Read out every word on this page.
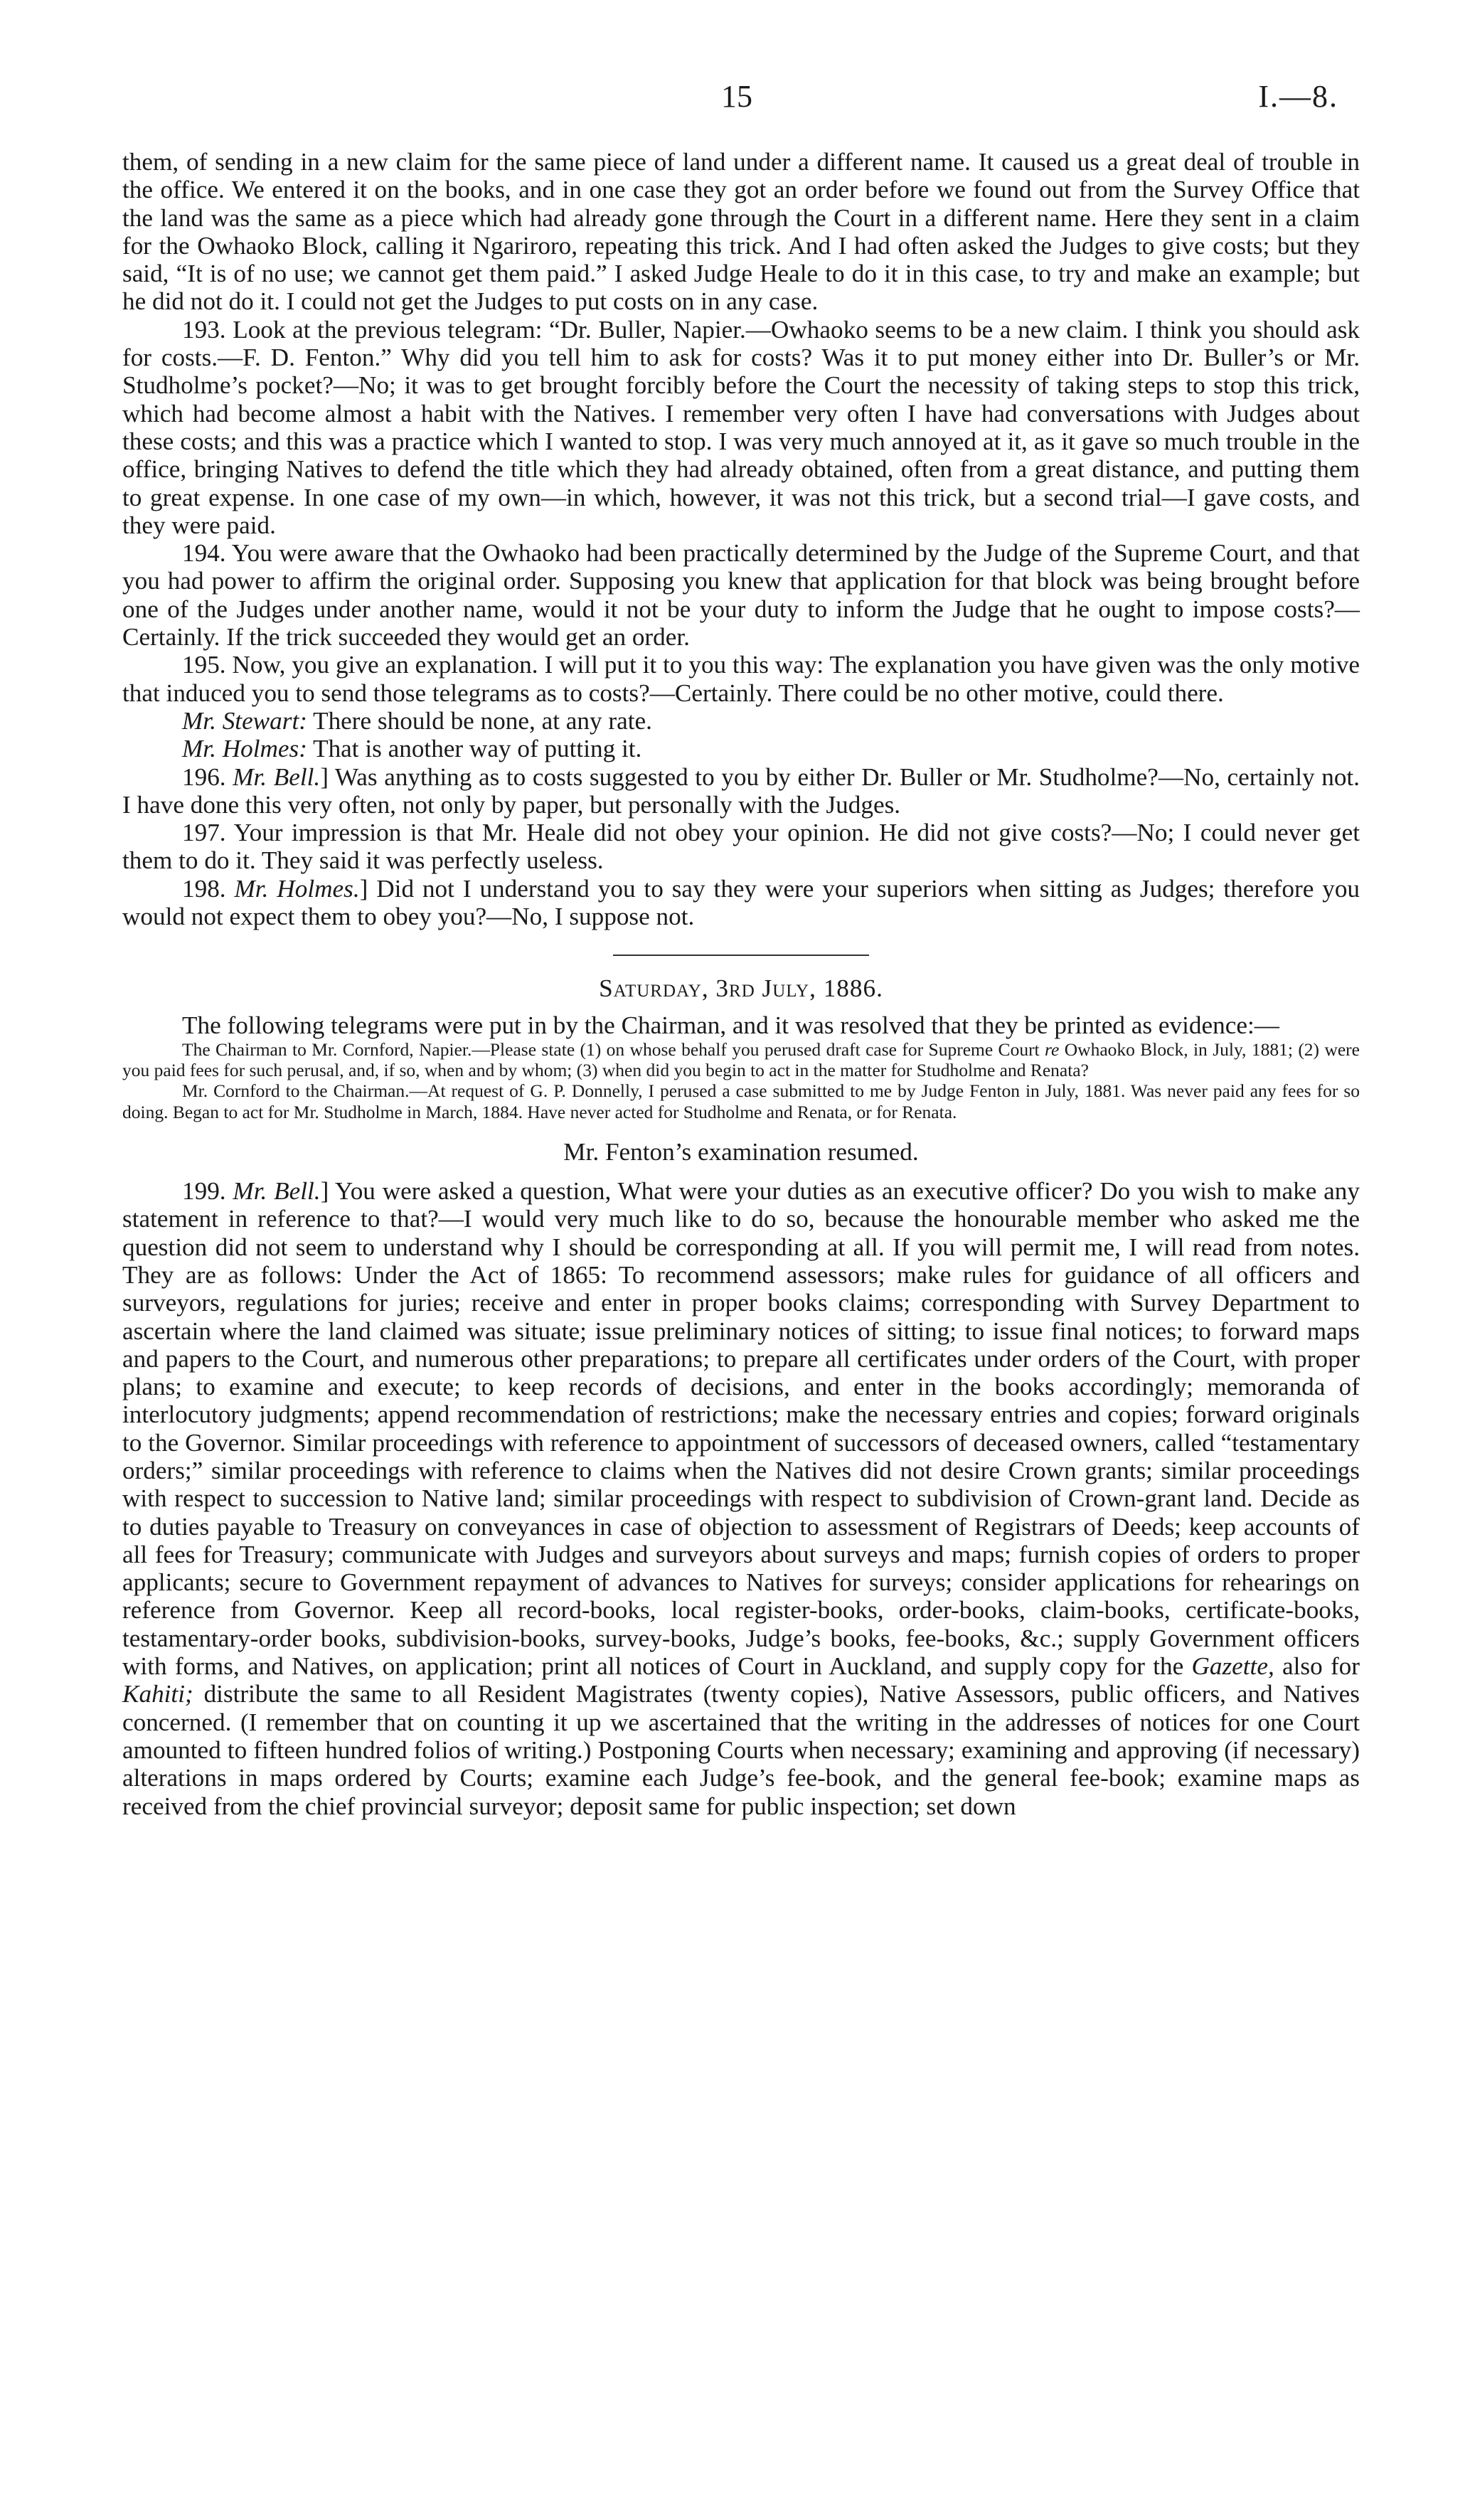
15	I.—8.

them, of sending in a new claim for the same piece of land under a different name. It caused us a great deal of trouble in the office. We entered it on the books, and in one case they got an order before we found out from the Survey Office that the land was the same as a piece which had already gone through the Court in a different name. Here they sent in a claim for the Owhaoko Block, calling it Ngariroro, repeating this trick. And I had often asked the Judges to give costs; but they said, “It is of no use; we cannot get them paid.” I asked Judge Heale to do it in this case, to try and make an example; but he did not do it. I could not get the Judges to put costs on in any case.

193. Look at the previous telegram: “Dr. Buller, Napier.—Owhaoko seems to be a new claim. I think you should ask for costs.—F. D. Fenton.” Why did you tell him to ask for costs? Was it to put money either into Dr. Buller’s or Mr. Studholme’s pocket?—No; it was to get brought forcibly before the Court the necessity of taking steps to stop this trick, which had become almost a habit with the Natives. I remember very often I have had conversations with Judges about these costs; and this was a practice which I wanted to stop. I was very much annoyed at it, as it gave so much trouble in the office, bringing Natives to defend the title which they had already obtained, often from a great distance, and putting them to great expense. In one case of my own—in which, however, it was not this trick, but a second trial—I gave costs, and they were paid.

194. You were aware that the Owhaoko had been practically determined by the Judge of the Supreme Court, and that you had power to affirm the original order. Supposing you knew that application for that block was being brought before one of the Judges under another name, would it not be your duty to inform the Judge that he ought to impose costs?—Certainly. If the trick succeeded they would get an order.

195. Now, you give an explanation. I will put it to you this way: The explanation you have given was the only motive that induced you to send those telegrams as to costs?—Certainly. There could be no other motive, could there.

Mr. Stewart: There should be none, at any rate.

Mr. Holmes: That is another way of putting it.

196. Mr. Bell.] Was anything as to costs suggested to you by either Dr. Buller or Mr. Studholme?—No, certainly not. I have done this very often, not only by paper, but personally with the Judges.

197. Your impression is that Mr. Heale did not obey your opinion. He did not give costs?—No; I could never get them to do it. They said it was perfectly useless.

198. Mr. Holmes.] Did not I understand you to say they were your superiors when sitting as Judges; therefore you would not expect them to obey you?—No, I suppose not.

Saturday, 3rd July, 1886.

The following telegrams were put in by the Chairman, and it was resolved that they be printed as evidence:—

The Chairman to Mr. Cornford, Napier.—Please state (1) on whose behalf you perused draft case for Supreme Court re Owhaoko Block, in July, 1881; (2) were you paid fees for such perusal, and, if so, when and by whom; (3) when did you begin to act in the matter for Studholme and Renata?

Mr. Cornford to the Chairman.—At request of G. P. Donnelly, I perused a case submitted to me by Judge Fenton in July, 1881. Was never paid any fees for so doing. Began to act for Mr. Studholme in March, 1884. Have never acted for Studholme and Renata, or for Renata.

Mr. Fenton’s examination resumed.

199. Mr. Bell.] You were asked a question, What were your duties as an executive officer? Do you wish to make any statement in reference to that?—I would very much like to do so, because the honourable member who asked me the question did not seem to understand why I should be corresponding at all. If you will permit me, I will read from notes. They are as follows: Under the Act of 1865: To recommend assessors; make rules for guidance of all officers and surveyors, regulations for juries; receive and enter in proper books claims; corresponding with Survey Department to ascertain where the land claimed was situate; issue preliminary notices of sitting; to issue final notices; to forward maps and papers to the Court, and numerous other preparations; to prepare all certificates under orders of the Court, with proper plans; to examine and execute; to keep records of decisions, and enter in the books accordingly; memoranda of interlocutory judgments; append recommendation of restrictions; make the necessary entries and copies; forward originals to the Governor. Similar proceedings with reference to appointment of successors of deceased owners, called “testamentary orders;” similar proceedings with reference to claims when the Natives did not desire Crown grants; similar proceedings with respect to succession to Native land; similar proceedings with respect to subdivision of Crown-grant land. Decide as to duties payable to Treasury on conveyances in case of objection to assessment of Registrars of Deeds; keep accounts of all fees for Treasury; communicate with Judges and surveyors about surveys and maps; furnish copies of orders to proper applicants; secure to Government repayment of advances to Natives for surveys; consider applications for rehearings on reference from Governor. Keep all record-books, local register-books, order-books, claim-books, certificate-books, testamentary-order books, subdivision-books, survey-books, Judge’s books, fee-books, &c.; supply Government officers with forms, and Natives, on application; print all notices of Court in Auckland, and supply copy for the Gazette, also for Kahiti; distribute the same to all Resident Magistrates (twenty copies), Native Assessors, public officers, and Natives concerned. (I remember that on counting it up we ascertained that the writing in the addresses of notices for one Court amounted to fifteen hundred folios of writing.) Postponing Courts when necessary; examining and approving (if necessary) alterations in maps ordered by Courts; examine each Judge’s fee-book, and the general fee-book; examine maps as received from the chief provincial surveyor; deposit same for public inspection; set down
